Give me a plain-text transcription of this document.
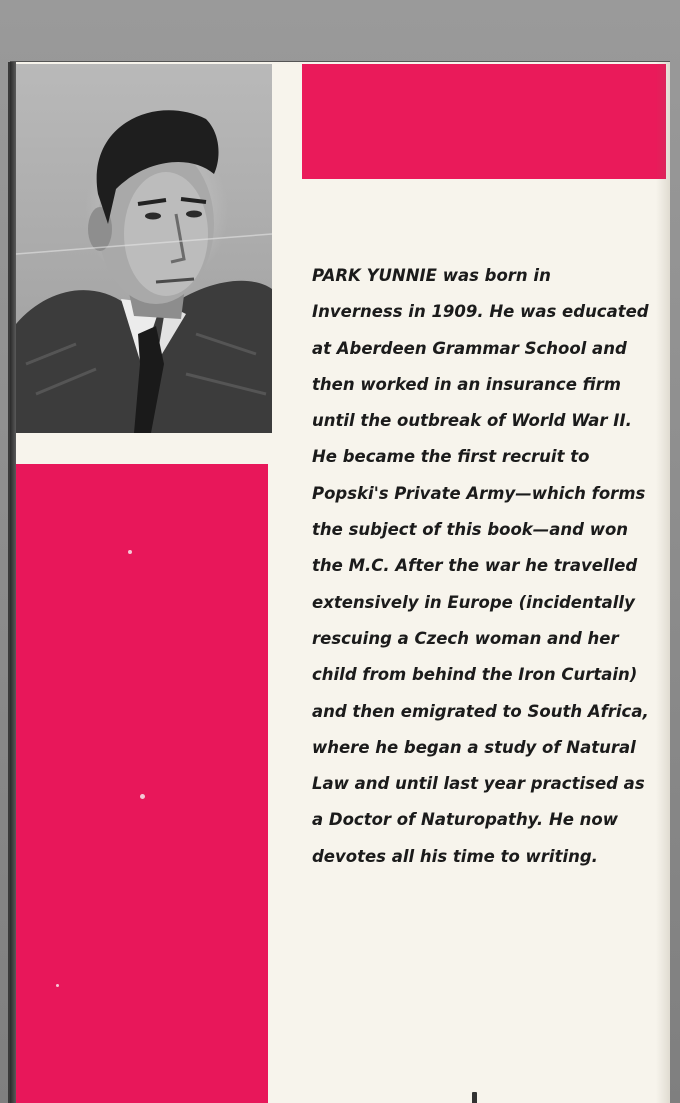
PARK YUNNIE was born in
Inverness in 1909. He was educated
at Aberdeen Grammar School and
then worked in an insurance firm
until the outbreak of World War II.
He became the first recruit to
Popski's Private Army—which forms
the subject of this book—and won
the M.C. After the war he travelled
extensively in Europe (incidentally
rescuing a Czech woman and her
child from behind the Iron Curtain)
and then emigrated to South Africa,
where he began a study of Natural
Law and until last year practised as
a Doctor of Naturopathy. He now
devotes all his time to writing.
